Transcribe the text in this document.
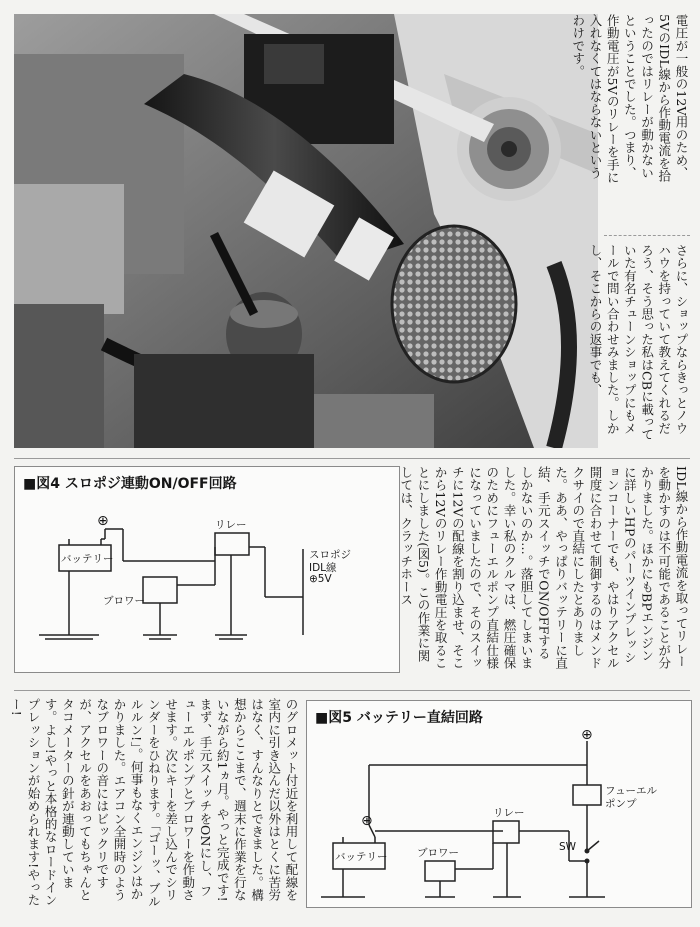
電圧が一般の12V用のため、5VのIDL線から作動電流を拾ったのではリレーが動かないということでした。つまり、作動電圧が5Vのリレーを手に入れなくてはならないというわけです。

さらに、ショップならきっとノウハウを持っていて教えてくれるだろう、そう思った私はCBに載っていた有名チューンショップにもメールで問い合わせみました。しかし、そこからの返事でも、

■図4 スロポジ連動ON/OFF回路
⊕
バッテリー
リレー
ブロワー
スロポジ
IDL線
⊕5V	IDL線から作動電流を取ってリレーを動かすのは不可能であることが分かりました。ほかにもBPエンジンに詳しいHPのパーツインプレッションコーナーでも、やはりアクセル開度に合わせて制御するのはメンドクサイので直結にしたとありました。ああ、やっぱりバッテリーに直結、手元スイッチでON/OFFするしかないのか…。落胆してしまいました。幸い私のクルマは、燃圧確保のためにフューエルポンプ直結仕様になっていましたので、そのスイッチに12Vの配線を割り込ませ、そこから12Vのリレー作動電圧を取ることにしました(図5)。この作業に関しては、クラッチホース

のグロメット付近を利用して配線を室内に引き込んだ以外はとくに苦労はなく、すんなりとできました。構想からここまで、週末に作業を行ないながら約1ヵ月。やっと完成です!まず、手元スイッチをONにし、フューエルポンプとブロワーを作動させます。次にキーを差し込んでシリンダーをひねります。「ゴーッ、ブルルルン!」。何事もなくエンジンはかかりました。エアコン全開時のようなブロワーの音にはビックリですが、アクセルをあおってもちゃんとタコメーターの針が連動しています。よし!やっと本格的なロードインプレッションが始められます!やったー!

■図5 バッテリー直結回路
⊕
⊕
バッテリー
リレー
ブロワー
フューエル
ポンプ
SW
